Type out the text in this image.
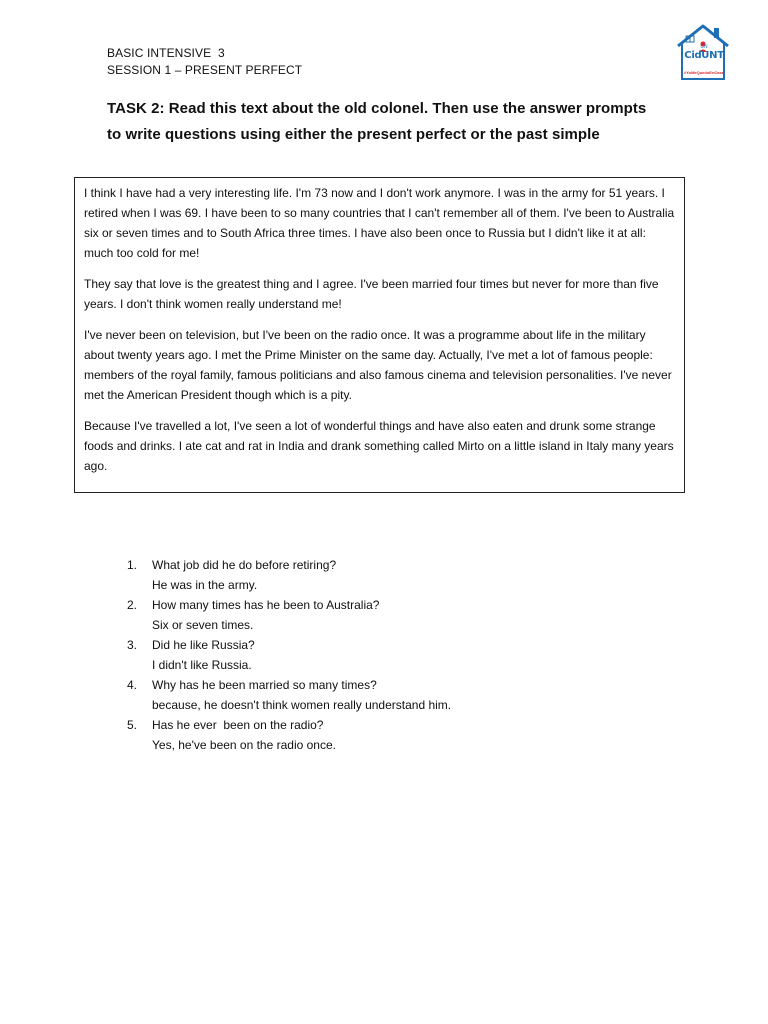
BASIC INTENSIVE  3
SESSION 1 – PRESENT PERFECT
CidUNT
UN
#YoMeQuedoEnCasa
TASK 2: Read this text about the old colonel. Then use the answer prompts
to write questions using either the present perfect or the past simple

I think I have had a very interesting life. I'm 73 now and I don't work anymore. I was in the army for 51 years. I retired when I was 69. I have been to so many countries that I can't remember all of them. I've been to Australia six or seven times and to South Africa three times. I have also been once to Russia but I didn't like it at all: much too cold for me!

They say that love is the greatest thing and I agree. I've been married four times but never for more than five years. I don't think women really understand me!

I've never been on television, but I've been on the radio once. It was a programme about life in the military about twenty years ago. I met the Prime Minister on the same day. Actually, I've met a lot of famous people: members of the royal family, famous politicians and also famous cinema and television personalities. I've never met the American President though which is a pity.

Because I've travelled a lot, I've seen a lot of wonderful things and have also eaten and drunk some strange foods and drinks. I ate cat and rat in India and drank something called Mirto on a little island in Italy many years ago.

1. What job did he do before retiring?
He was in the army.
2. How many times has he been to Australia?
Six or seven times.
3. Did he like Russia?
I didn't like Russia.
4. Why has he been married so many times?
because, he doesn't think women really understand him.
5. Has he ever  been on the radio?
Yes, he've been on the radio once.
